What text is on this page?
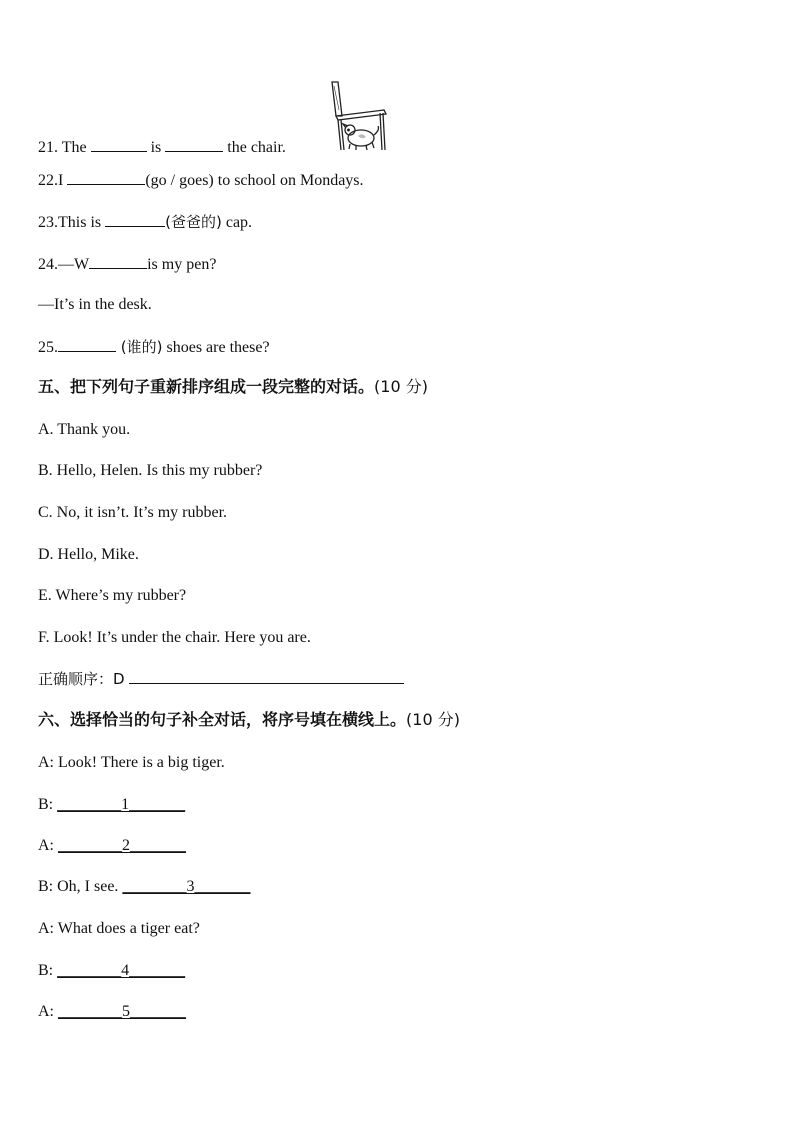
21. The	is	the chair.
22.I	(go / goes) to school on Mondays.
23.This is	(爸爸的) cap.
24.—W	is my pen?
—It’s in the desk.
25.	(谁的) shoes are these?
五、把下列句子重新排序组成一段完整的对话。(10 分)
A. Thank you.
B. Hello, Helen. Is this my rubber?
C. No, it isn’t. It’s my rubber.
D. Hello, Mike.
E. Where’s my rubber?
F. Look! It’s under the chair. Here you are.
正确顺序：D
六、选择恰当的句子补全对话，将序号填在横线上。(10 分)
A: Look! There is a big tiger.
B: ________1_______
A: ________2_______
B: Oh, I see. ________3_______
A: What does a tiger eat?
B: ________4_______
A: ________5_______
